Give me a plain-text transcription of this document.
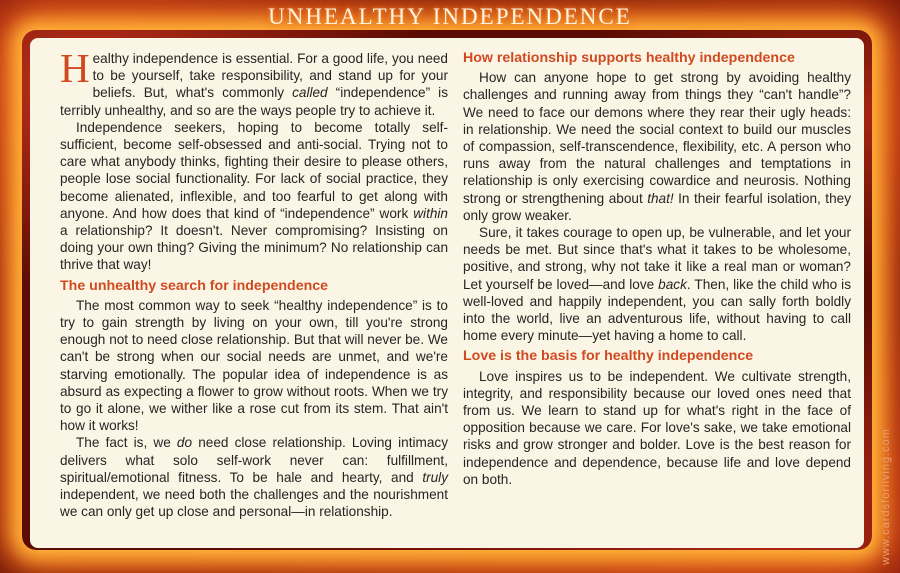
UNHEALTHY INDEPENDENCE

Healthy independence is essential. For a good life, you need to be yourself, take responsibility, and stand up for your beliefs. But, what's commonly called “independence” is terribly unhealthy, and so are the ways people try to achieve it.

Independence seekers, hoping to become totally self-sufficient, become self-obsessed and anti-social. Trying not to care what anybody thinks, fighting their desire to please others, people lose social functionality. For lack of social practice, they become alienated, inflexible, and too fearful to get along with anyone. And how does that kind of “independence” work within a relationship? It doesn't. Never compromising? Insisting on doing your own thing? Giving the minimum? No relationship can thrive that way!

The unhealthy search for independence

The most common way to seek “healthy independence” is to try to gain strength by living on your own, till you're strong enough not to need close relationship. But that will never be. We can't be strong when our social needs are unmet, and we're starving emotionally. The popular idea of independence is as absurd as expecting a flower to grow without roots. When we try to go it alone, we wither like a rose cut from its stem. That ain't how it works!

The fact is, we do need close relationship. Loving intimacy delivers what solo self-work never can: fulfillment, spiritual/emotional fitness. To be hale and hearty, and truly independent, we need both the challenges and the nourishment we can only get up close and personal—in relationship.

How relationship supports healthy independence

How can anyone hope to get strong by avoiding healthy challenges and running away from things they “can't handle”? We need to face our demons where they rear their ugly heads: in relationship. We need the social context to build our muscles of compassion, self-transcendence, flexibility, etc. A person who runs away from the natural challenges and temptations in relationship is only exercising cowardice and neurosis. Nothing strong or strengthening about that! In their fearful isolation, they only grow weaker.

Sure, it takes courage to open up, be vulnerable, and let your needs be met. But since that's what it takes to be wholesome, positive, and strong, why not take it like a real man or woman? Let yourself be loved—and love back. Then, like the child who is well-loved and happily independent, you can sally forth boldly into the world, live an adventurous life, without having to call home every minute—yet having a home to call.

Love is the basis for healthy independence

Love inspires us to be independent. We cultivate strength, integrity, and responsibility because our loved ones need that from us. We learn to stand up for what's right in the face of opposition because we care. For love's sake, we take emotional risks and grow stronger and bolder. Love is the best reason for independence and dependence, because life and love depend on both.	www.cardsforliving.com
